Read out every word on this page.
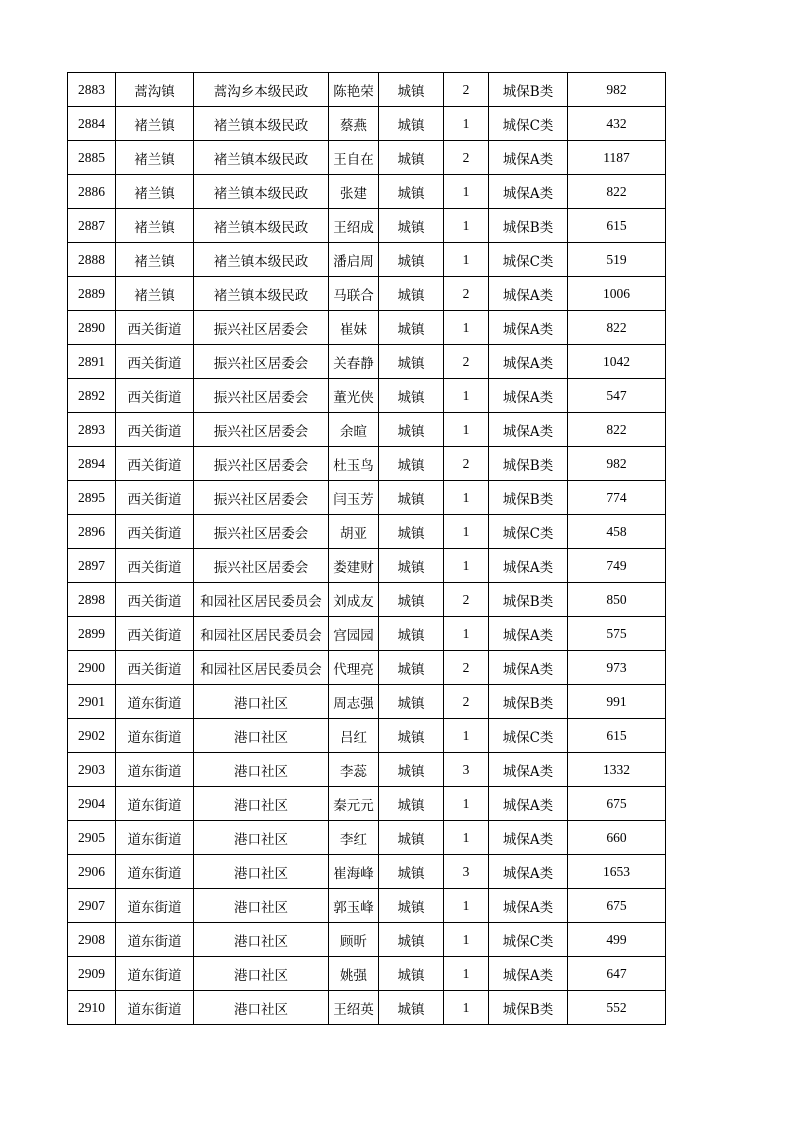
2883	蒿沟镇	蒿沟乡本级民政	陈艳荣	城镇	2	城保B类	982
2884	褚兰镇	褚兰镇本级民政	蔡燕	城镇	1	城保C类	432
2885	褚兰镇	褚兰镇本级民政	王自在	城镇	2	城保A类	1187
2886	褚兰镇	褚兰镇本级民政	张建	城镇	1	城保A类	822
2887	褚兰镇	褚兰镇本级民政	王绍成	城镇	1	城保B类	615
2888	褚兰镇	褚兰镇本级民政	潘启周	城镇	1	城保C类	519
2889	褚兰镇	褚兰镇本级民政	马联合	城镇	2	城保A类	1006
2890	西关街道	振兴社区居委会	崔妹	城镇	1	城保A类	822
2891	西关街道	振兴社区居委会	关春静	城镇	2	城保A类	1042
2892	西关街道	振兴社区居委会	董光侠	城镇	1	城保A类	547
2893	西关街道	振兴社区居委会	余暄	城镇	1	城保A类	822
2894	西关街道	振兴社区居委会	杜玉鸟	城镇	2	城保B类	982
2895	西关街道	振兴社区居委会	闫玉芳	城镇	1	城保B类	774
2896	西关街道	振兴社区居委会	胡亚	城镇	1	城保C类	458
2897	西关街道	振兴社区居委会	娄建财	城镇	1	城保A类	749
2898	西关街道	和园社区居民委员会	刘成友	城镇	2	城保B类	850
2899	西关街道	和园社区居民委员会	宫园园	城镇	1	城保A类	575
2900	西关街道	和园社区居民委员会	代理亮	城镇	2	城保A类	973
2901	道东街道	港口社区	周志强	城镇	2	城保B类	991
2902	道东街道	港口社区	吕红	城镇	1	城保C类	615
2903	道东街道	港口社区	李蕊	城镇	3	城保A类	1332
2904	道东街道	港口社区	秦元元	城镇	1	城保A类	675
2905	道东街道	港口社区	李红	城镇	1	城保A类	660
2906	道东街道	港口社区	崔海峰	城镇	3	城保A类	1653
2907	道东街道	港口社区	郭玉峰	城镇	1	城保A类	675
2908	道东街道	港口社区	顾昕	城镇	1	城保C类	499
2909	道东街道	港口社区	姚强	城镇	1	城保A类	647
2910	道东街道	港口社区	王绍英	城镇	1	城保B类	552
